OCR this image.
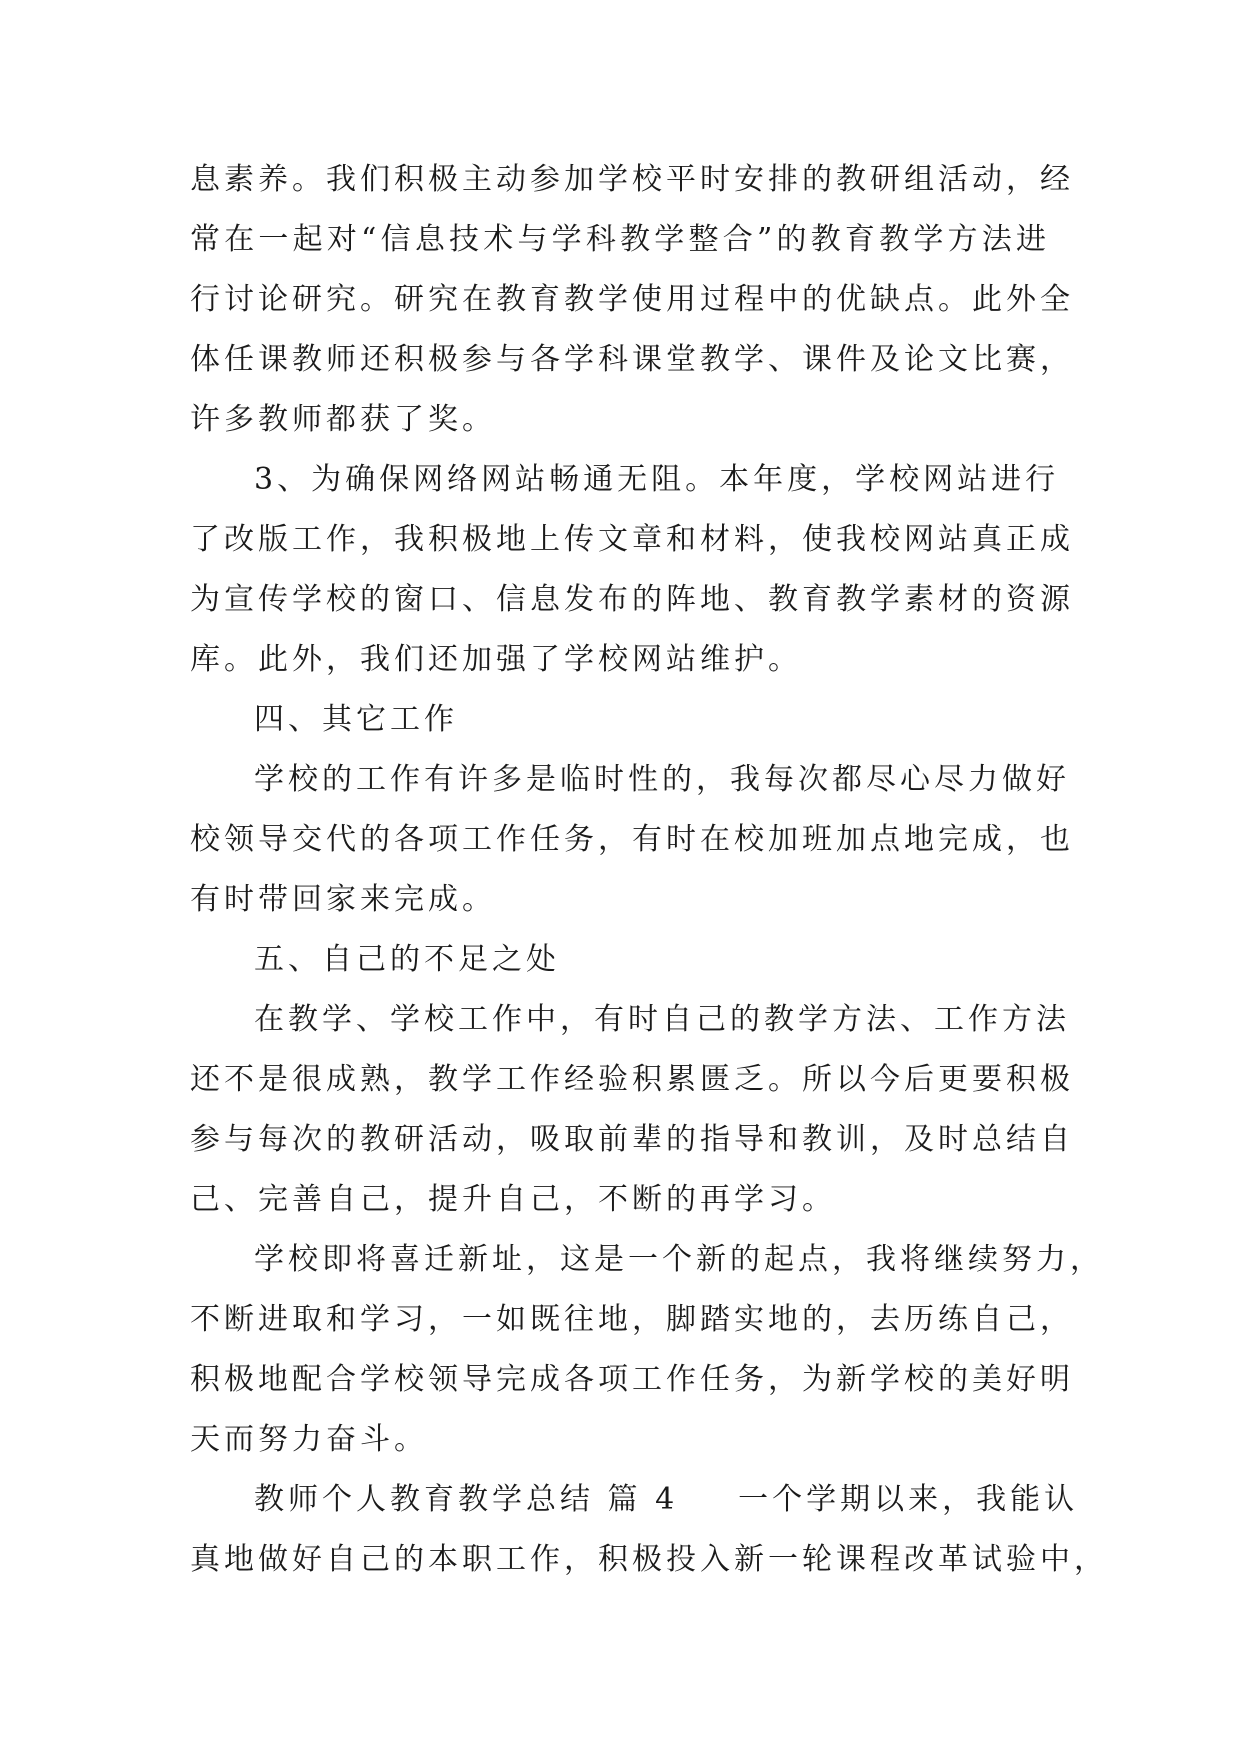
息素养。我们积极主动参加学校平时安排的教研组活动，经
常在一起对“信息技术与学科教学整合”的教育教学方法进
行讨论研究。研究在教育教学使用过程中的优缺点。此外全
体任课教师还积极参与各学科课堂教学、课件及论文比赛，
许多教师都获了奖。
3、为确保网络网站畅通无阻。本年度，学校网站进行
了改版工作，我积极地上传文章和材料，使我校网站真正成
为宣传学校的窗口、信息发布的阵地、教育教学素材的资源
库。此外，我们还加强了学校网站维护。
四、其它工作
学校的工作有许多是临时性的，我每次都尽心尽力做好
校领导交代的各项工作任务，有时在校加班加点地完成，也
有时带回家来完成。
五、自己的不足之处
在教学、学校工作中，有时自己的教学方法、工作方法
还不是很成熟，教学工作经验积累匮乏。所以今后更要积极
参与每次的教研活动，吸取前辈的指导和教训，及时总结自
己、完善自己，提升自己，不断的再学习。
学校即将喜迁新址，这是一个新的起点，我将继续努力，
不断进取和学习，一如既往地，脚踏实地的，去历练自己，
积极地配合学校领导完成各项工作任务，为新学校的美好明
天而努力奋斗。
教师个人教育教学总结 篇 4 一个学期以来，我能认
真地做好自己的本职工作，积极投入新一轮课程改革试验中，
